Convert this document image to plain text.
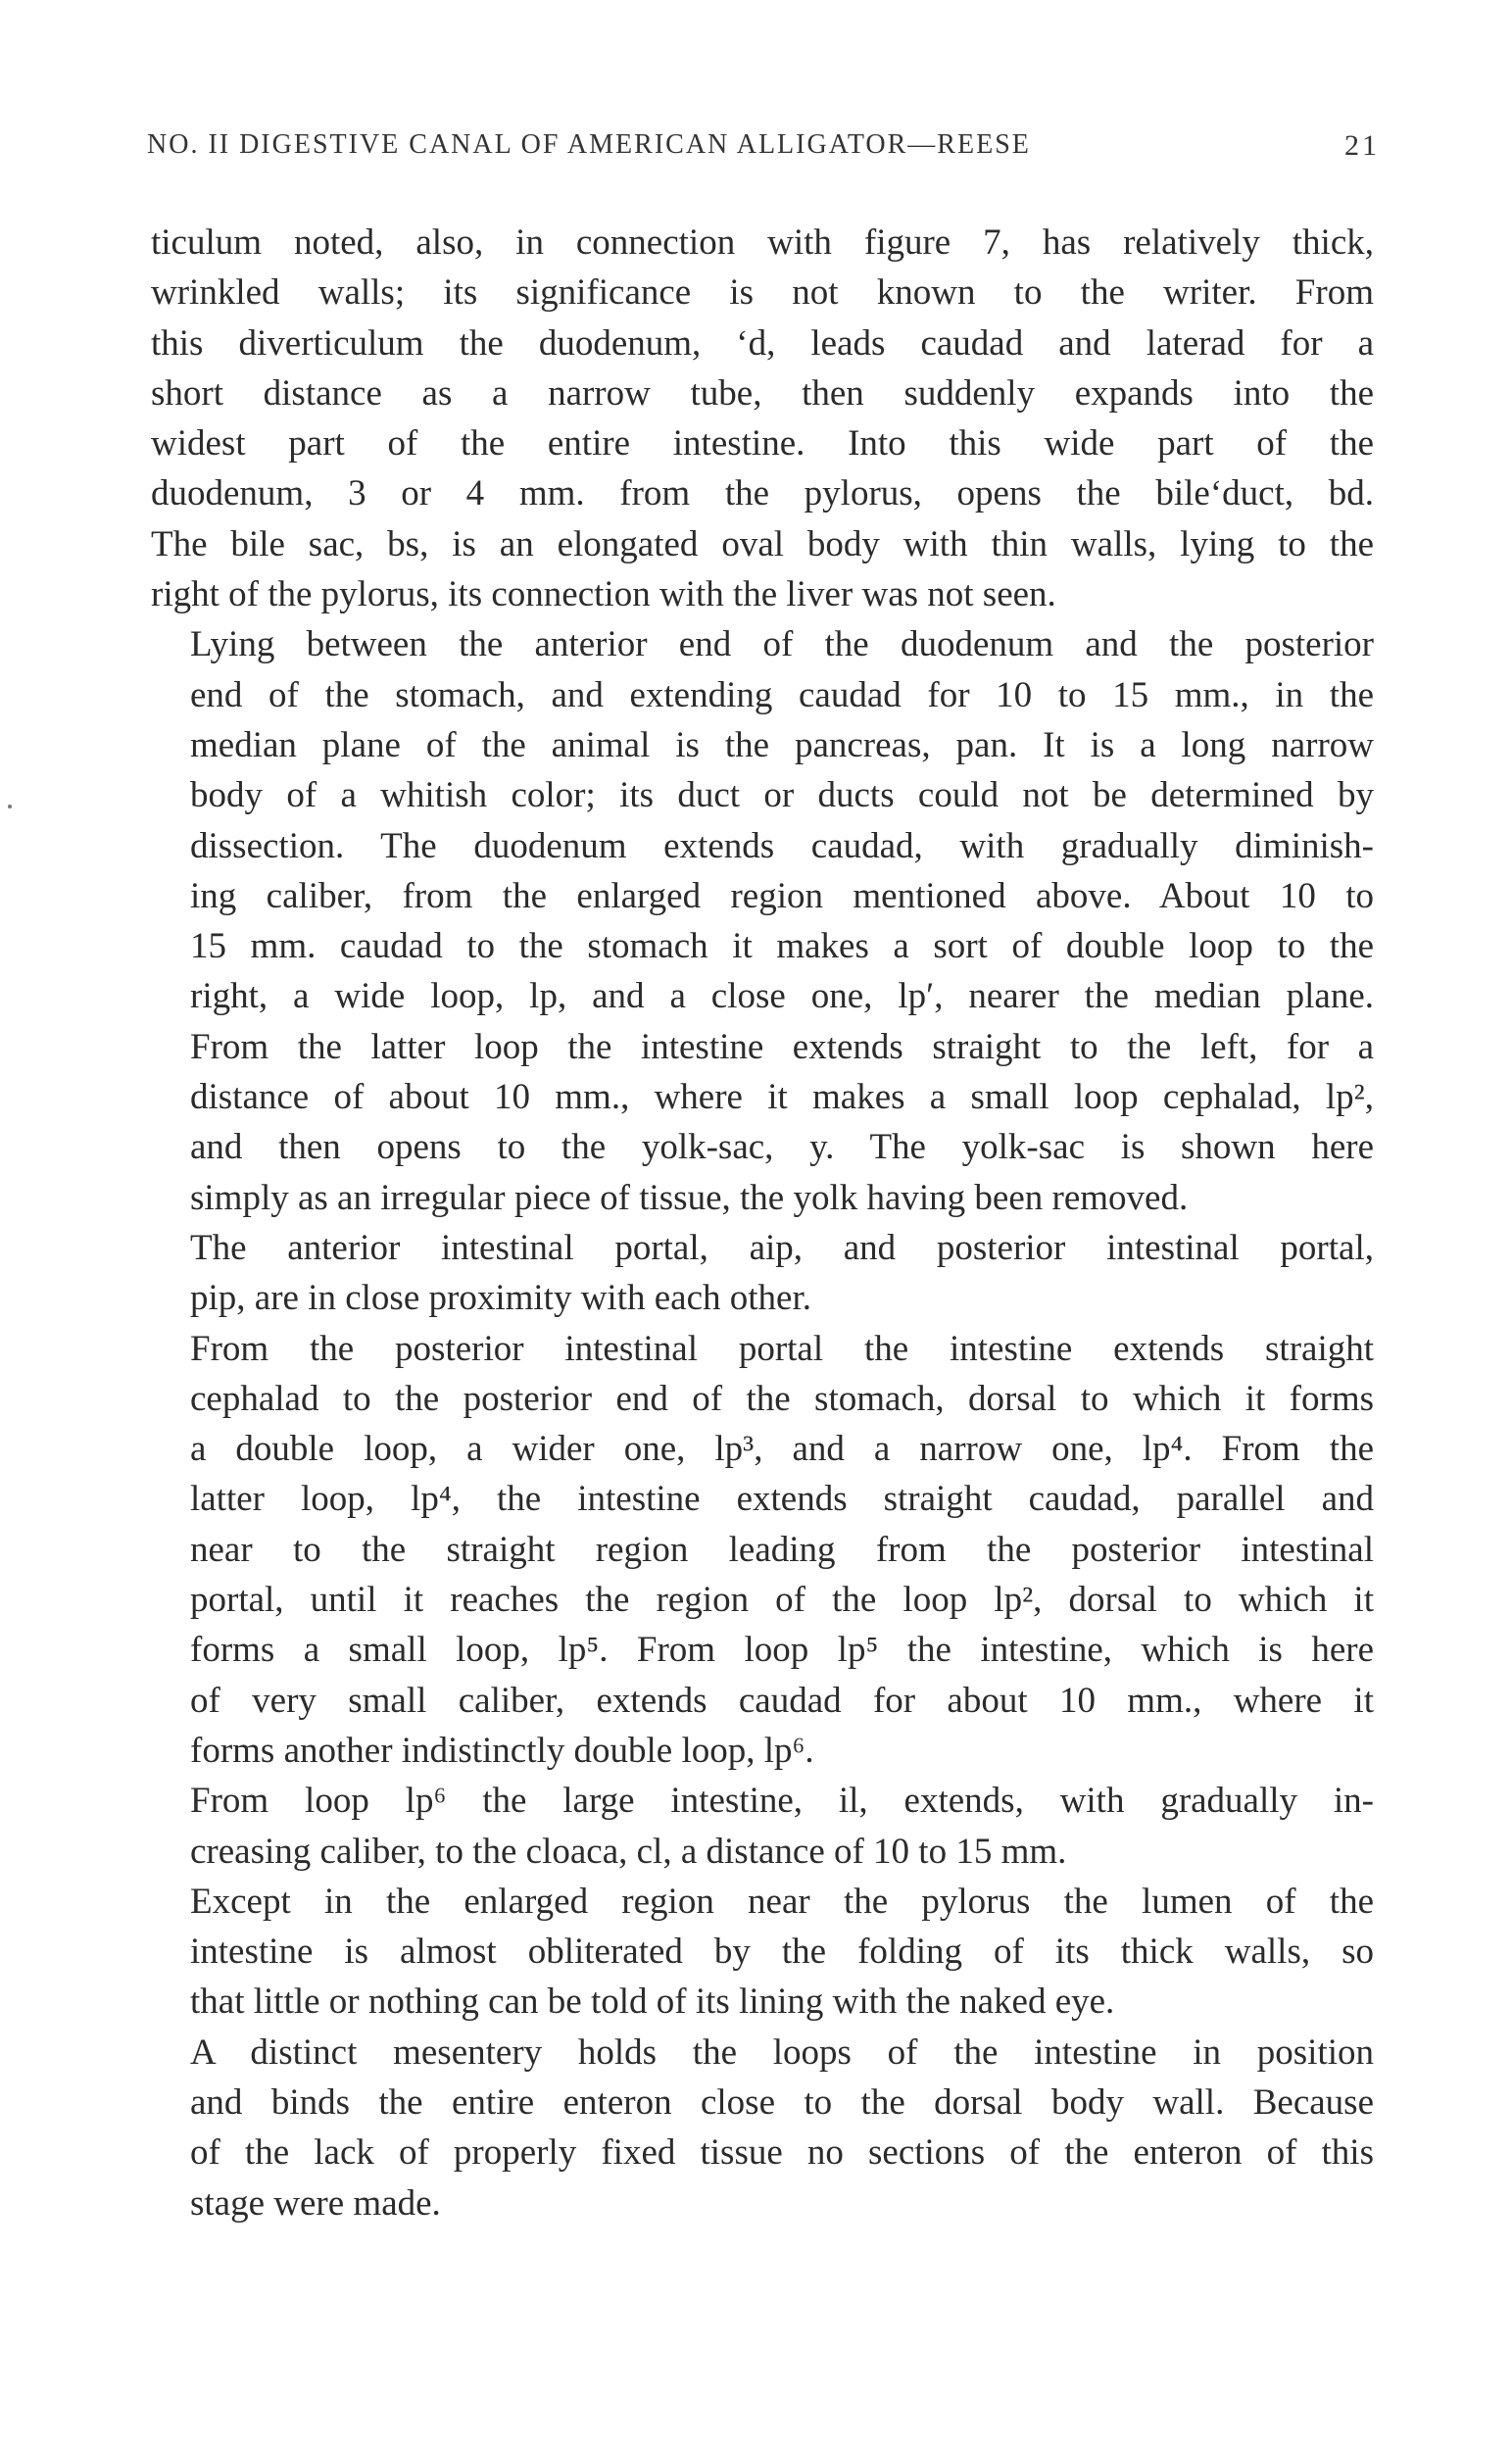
NO. II DIGESTIVE CANAL OF AMERICAN ALLIGATOR—REESE	21

ticulum noted, also, in connection with figure 7, has relatively thick,
wrinkled walls; its significance is not known to the writer. From
this diverticulum the duodenum, ‘d, leads caudad and laterad for a
short distance as a narrow tube, then suddenly expands into the
widest part of the entire intestine. Into this wide part of the
duodenum, 3 or 4 mm. from the pylorus, opens the bile‘duct, bd.
The bile sac, bs, is an elongated oval body with thin walls, lying to the
right of the pylorus, its connection with the liver was not seen.

Lying between the anterior end of the duodenum and the posterior
end of the stomach, and extending caudad for 10 to 15 mm., in the
median plane of the animal is the pancreas, pan. It is a long narrow
body of a whitish color; its duct or ducts could not be determined by
dissection. The duodenum extends caudad, with gradually diminish-
ing caliber, from the enlarged region mentioned above. About 10 to
15 mm. caudad to the stomach it makes a sort of double loop to the
right, a wide loop, lp, and a close one, lp′, nearer the median plane.
From the latter loop the intestine extends straight to the left, for a
distance of about 10 mm., where it makes a small loop cephalad, lp²,
and then opens to the yolk-sac, y. The yolk-sac is shown here
simply as an irregular piece of tissue, the yolk having been removed.

The anterior intestinal portal, aip, and posterior intestinal portal,
pip, are in close proximity with each other.

From the posterior intestinal portal the intestine extends straight
cephalad to the posterior end of the stomach, dorsal to which it forms
a double loop, a wider one, lp³, and a narrow one, lp⁴. From the
latter loop, lp⁴, the intestine extends straight caudad, parallel and
near to the straight region leading from the posterior intestinal
portal, until it reaches the region of the loop lp², dorsal to which it
forms a small loop, lp⁵. From loop lp⁵ the intestine, which is here
of very small caliber, extends caudad for about 10 mm., where it
forms another indistinctly double loop, lp⁶.

From loop lp⁶ the large intestine, il, extends, with gradually in-
creasing caliber, to the cloaca, cl, a distance of 10 to 15 mm.

Except in the enlarged region near the pylorus the lumen of the
intestine is almost obliterated by the folding of its thick walls, so
that little or nothing can be told of its lining with the naked eye.

A distinct mesentery holds the loops of the intestine in position
and binds the entire enteron close to the dorsal body wall. Because
of the lack of properly fixed tissue no sections of the enteron of this
stage were made.
